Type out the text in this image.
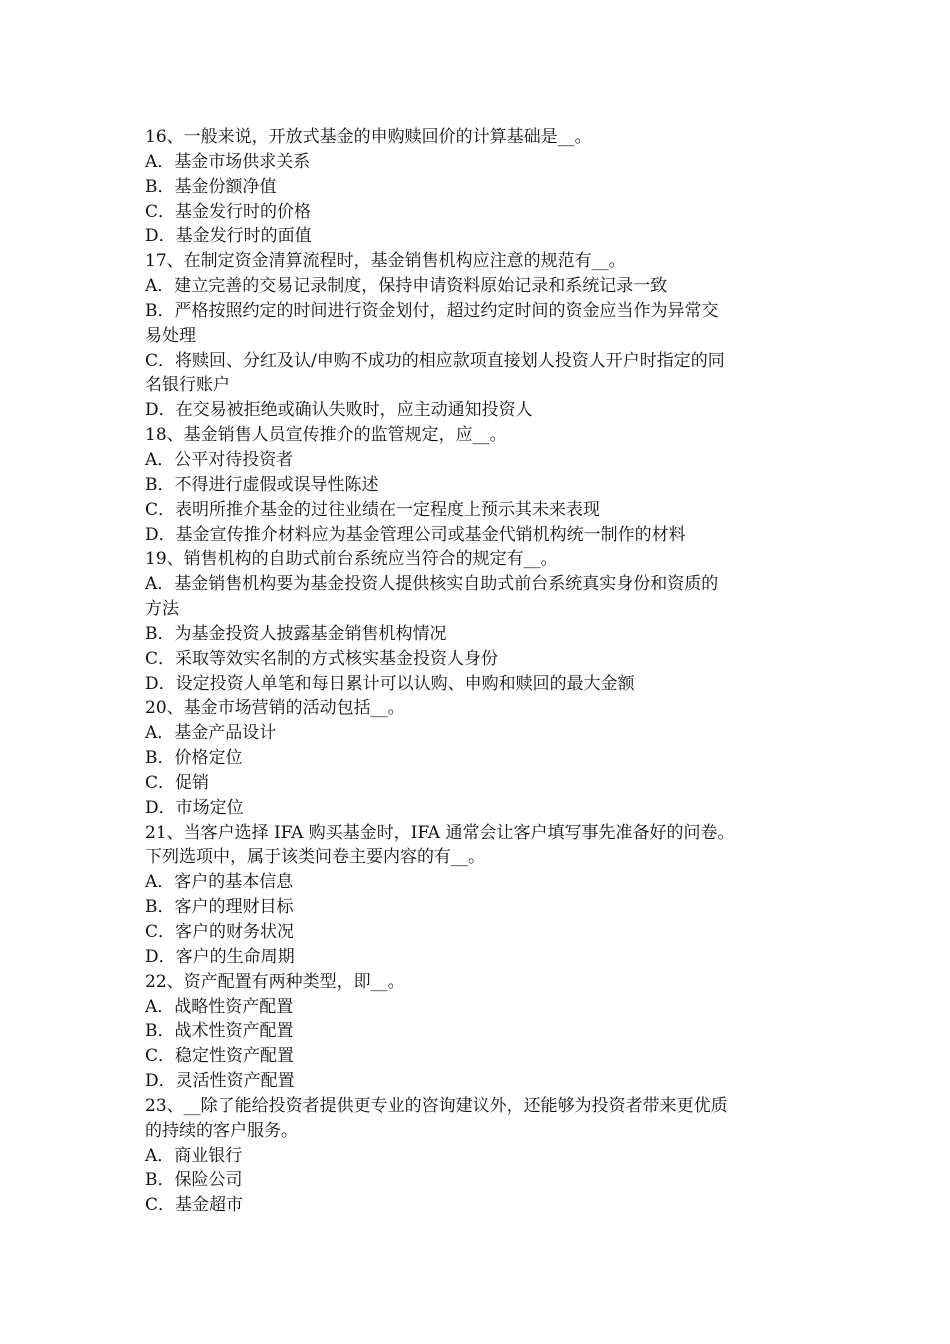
16、一般来说，开放式基金的申购赎回价的计算基础是__。

A．基金市场供求关系

B．基金份额净值

C．基金发行时的价格

D．基金发行时的面值

17、在制定资金清算流程时，基金销售机构应注意的规范有__。

A．建立完善的交易记录制度，保持申请资料原始记录和系统记录一致

B．严格按照约定的时间进行资金划付，超过约定时间的资金应当作为异常交

易处理

C．将赎回、分红及认/申购不成功的相应款项直接划人投资人开户时指定的同

名银行账户

D．在交易被拒绝或确认失败时，应主动通知投资人

18、基金销售人员宣传推介的监管规定，应__。

A．公平对待投资者

B．不得进行虚假或误导性陈述

C．表明所推介基金的过往业绩在一定程度上预示其未来表现

D．基金宣传推介材料应为基金管理公司或基金代销机构统一制作的材料

19、销售机构的自助式前台系统应当符合的规定有__。

A．基金销售机构要为基金投资人提供核实自助式前台系统真实身份和资质的

方法

B．为基金投资人披露基金销售机构情况

C．采取等效实名制的方式核实基金投资人身份

D．设定投资人单笔和每日累计可以认购、申购和赎回的最大金额

20、基金市场营销的活动包括__。

A．基金产品设计

B．价格定位

C．促销

D．市场定位

21、当客户选择 IFA 购买基金时，IFA 通常会让客户填写事先准备好的问卷。

下列选项中，属于该类问卷主要内容的有__。

A．客户的基本信息

B．客户的理财目标

C．客户的财务状况

D．客户的生命周期

22、资产配置有两种类型，即__。

A．战略性资产配置

B．战术性资产配置

C．稳定性资产配置

D．灵活性资产配置

23、__除了能给投资者提供更专业的咨询建议外，还能够为投资者带来更优质

的持续的客户服务。

A．商业银行

B．保险公司

C．基金超市
